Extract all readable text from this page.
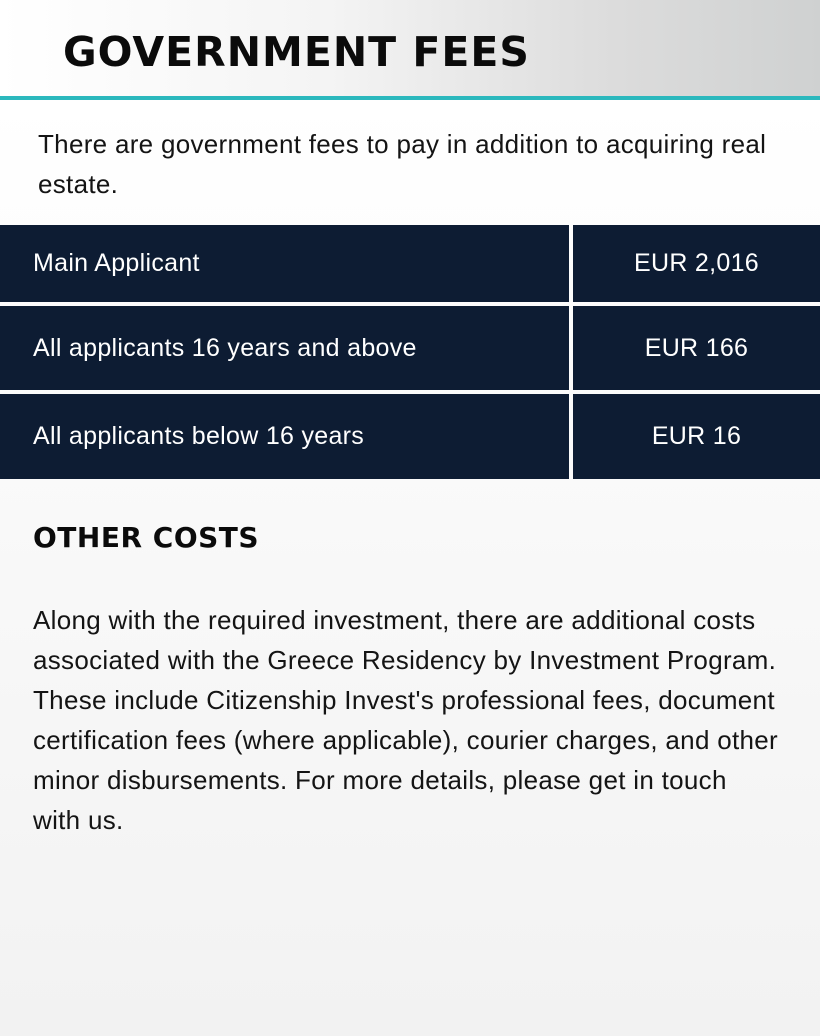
GOVERNMENT FEES

There are government fees to pay in addition to acquiring real estate.

Main Applicant	EUR 2,016
All applicants 16 years and above	EUR 166
All applicants below 16 years	EUR 16
OTHER COSTS

Along with the required investment, there are additional costs associated with the Greece Residency by Investment Program. These include Citizenship Invest's professional fees, document certification fees (where applicable), courier charges, and other minor disbursements. For more details, please get in touch with us.
